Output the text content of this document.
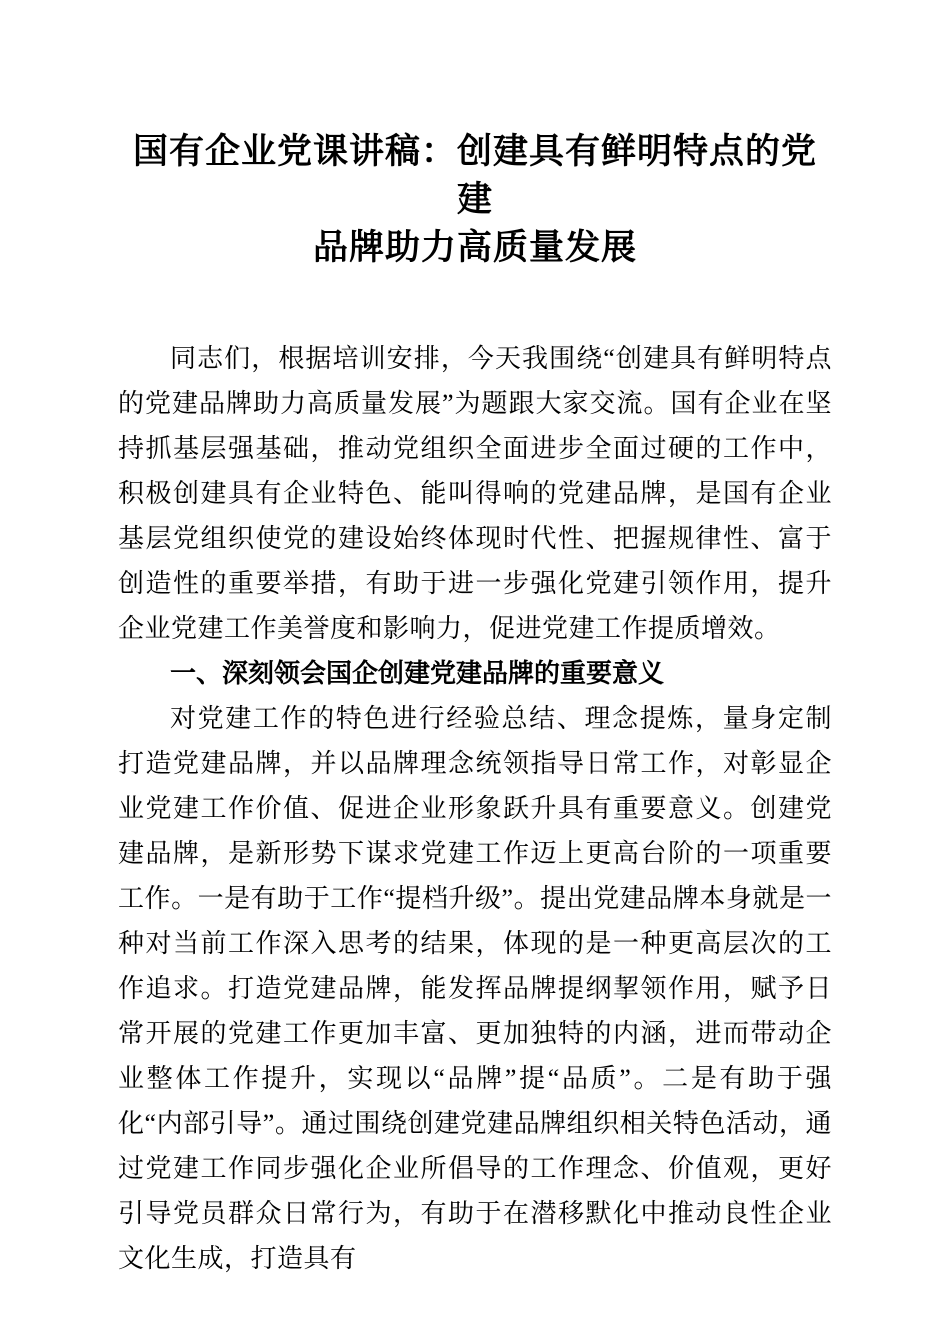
国有企业党课讲稿：创建具有鲜明特点的党建
品牌助力高质量发展

同志们，根据培训安排，今天我围绕“创建具有鲜明特点的党建品牌助力高质量发展”为题跟大家交流。国有企业在坚持抓基层强基础，推动党组织全面进步全面过硬的工作中，积极创建具有企业特色、能叫得响的党建品牌，是国有企业基层党组织使党的建设始终体现时代性、把握规律性、富于创造性的重要举措，有助于进一步强化党建引领作用，提升企业党建工作美誉度和影响力，促进党建工作提质增效。

一、深刻领会国企创建党建品牌的重要意义

对党建工作的特色进行经验总结、理念提炼，量身定制打造党建品牌，并以品牌理念统领指导日常工作，对彰显企业党建工作价值、促进企业形象跃升具有重要意义。创建党建品牌，是新形势下谋求党建工作迈上更高台阶的一项重要工作。一是有助于工作“提档升级”。提出党建品牌本身就是一种对当前工作深入思考的结果，体现的是一种更高层次的工作追求。打造党建品牌，能发挥品牌提纲挈领作用，赋予日常开展的党建工作更加丰富、更加独特的内涵，进而带动企业整体工作提升，实现以“品牌”提“品质”。二是有助于强化“内部引导”。通过围绕创建党建品牌组织相关特色活动，通过党建工作同步强化企业所倡导的工作理念、价值观，更好引导党员群众日常行为，有助于在潜移默化中推动良性企业文化生成，打造具有
